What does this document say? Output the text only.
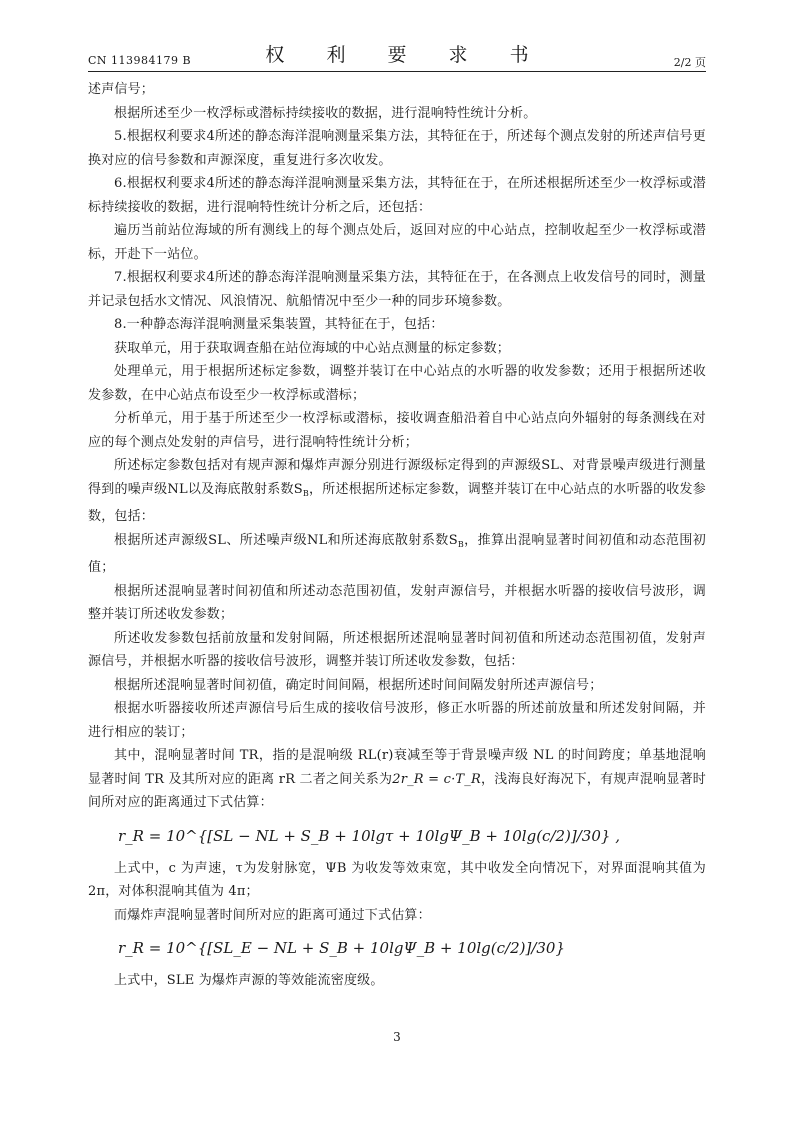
CN 113984179 B	权 利 要 求 书	2/2 页

述声信号；

根据所述至少一枚浮标或潜标持续接收的数据，进行混响特性统计分析。

5.根据权利要求4所述的静态海洋混响测量采集方法，其特征在于，所述每个测点发射的所述声信号更换对应的信号参数和声源深度，重复进行多次收发。

6.根据权利要求4所述的静态海洋混响测量采集方法，其特征在于，在所述根据所述至少一枚浮标或潜标持续接收的数据，进行混响特性统计分析之后，还包括：

遍历当前站位海域的所有测线上的每个测点处后，返回对应的中心站点，控制收起至少一枚浮标或潜标，开赴下一站位。

7.根据权利要求4所述的静态海洋混响测量采集方法，其特征在于，在各测点上收发信号的同时，测量并记录包括水文情况、风浪情况、航船情况中至少一种的同步环境参数。

8.一种静态海洋混响测量采集装置，其特征在于，包括：

获取单元，用于获取调查船在站位海域的中心站点测量的标定参数；

处理单元，用于根据所述标定参数，调整并装订在中心站点的水听器的收发参数；还用于根据所述收发参数，在中心站点布设至少一枚浮标或潜标；

分析单元，用于基于所述至少一枚浮标或潜标，接收调查船沿着自中心站点向外辐射的每条测线在对应的每个测点处发射的声信号，进行混响特性统计分析；

所述标定参数包括对有规声源和爆炸声源分别进行源级标定得到的声源级SL、对背景噪声级进行测量得到的噪声级NL以及海底散射系数$S_B$，所述根据所述标定参数，调整并装订在中心站点的水听器的收发参数，包括：

根据所述声源级SL、所述噪声级NL和所述海底散射系数$S_B$，推算出混响显著时间初值和动态范围初值；

根据所述混响显著时间初值和所述动态范围初值，发射声源信号，并根据水听器的接收信号波形，调整并装订所述收发参数；

所述收发参数包括前放量和发射间隔，所述根据所述混响显著时间初值和所述动态范围初值，发射声源信号，并根据水听器的接收信号波形，调整并装订所述收发参数，包括：

根据所述混响显著时间初值，确定时间间隔，根据所述时间间隔发射所述声源信号；

根据水听器接收所述声源信号后生成的接收信号波形，修正水听器的所述前放量和所述发射间隔，并进行相应的装订；

其中，混响显著时间 TR，指的是混响级 RL(r)衰减至等于背景噪声级 NL 的时间跨度；单基地混响显著时间 TR 及其所对应的距离 rR 二者之间关系为2r_R = c·T_R，浅海良好海况下，有规声混响显著时间所对应的距离通过下式估算：

r_R = 10^{[SL − NL + S_B + 10lgτ + 10lgΨ_B + 10lg(c/2)]/30} ,

上式中，c 为声速，τ为发射脉宽，ΨB 为收发等效束宽，其中收发全向情况下，对界面混响其值为 2π，对体积混响其值为 4π；

而爆炸声混响显著时间所对应的距离可通过下式估算：

r_R = 10^{[SL_E − NL + S_B + 10lgΨ_B + 10lg(c/2)]/30}

上式中，SLE 为爆炸声源的等效能流密度级。

3
